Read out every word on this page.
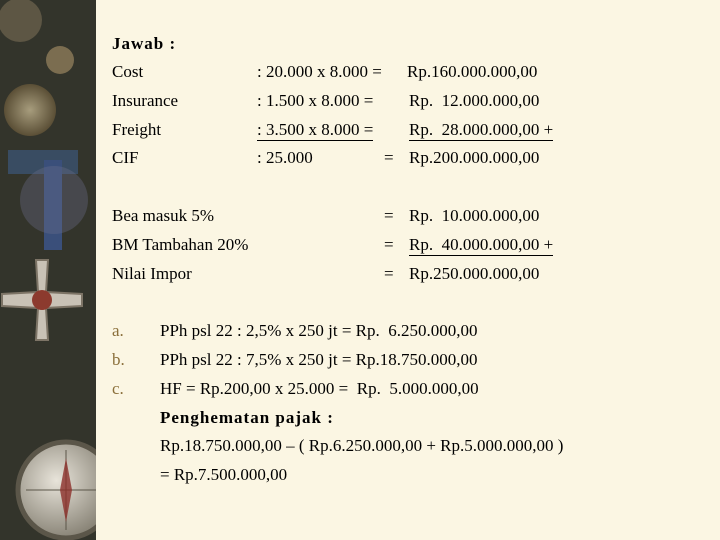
Jawab :
Cost	: 20.000 x 8.000 = Rp.160.000.000,00
Insurance	: 1.500 x 8.000 = Rp.  12.000.000,00
Freight	: 3.500 x 8.000 = Rp.  28.000.000,00 +
CIF	: 25.000	= Rp.200.000.000,00
Bea masuk 5%	= Rp.  10.000.000,00
BM Tambahan 20%	= Rp.  40.000.000,00 +
Nilai Impor	= Rp.250.000.000,00
a. PPh psl 22 : 2,5% x 250 jt = Rp.  6.250.000,00
b. PPh psl 22 : 7,5% x 250 jt = Rp.18.750.000,00
c. HF = Rp.200,00 x 25.000 =  Rp.  5.000.000,00
Penghematan pajak :
Rp.18.750.000,00 – ( Rp.6.250.000,00 + Rp.5.000.000,00 )
= Rp.7.500.000,00
